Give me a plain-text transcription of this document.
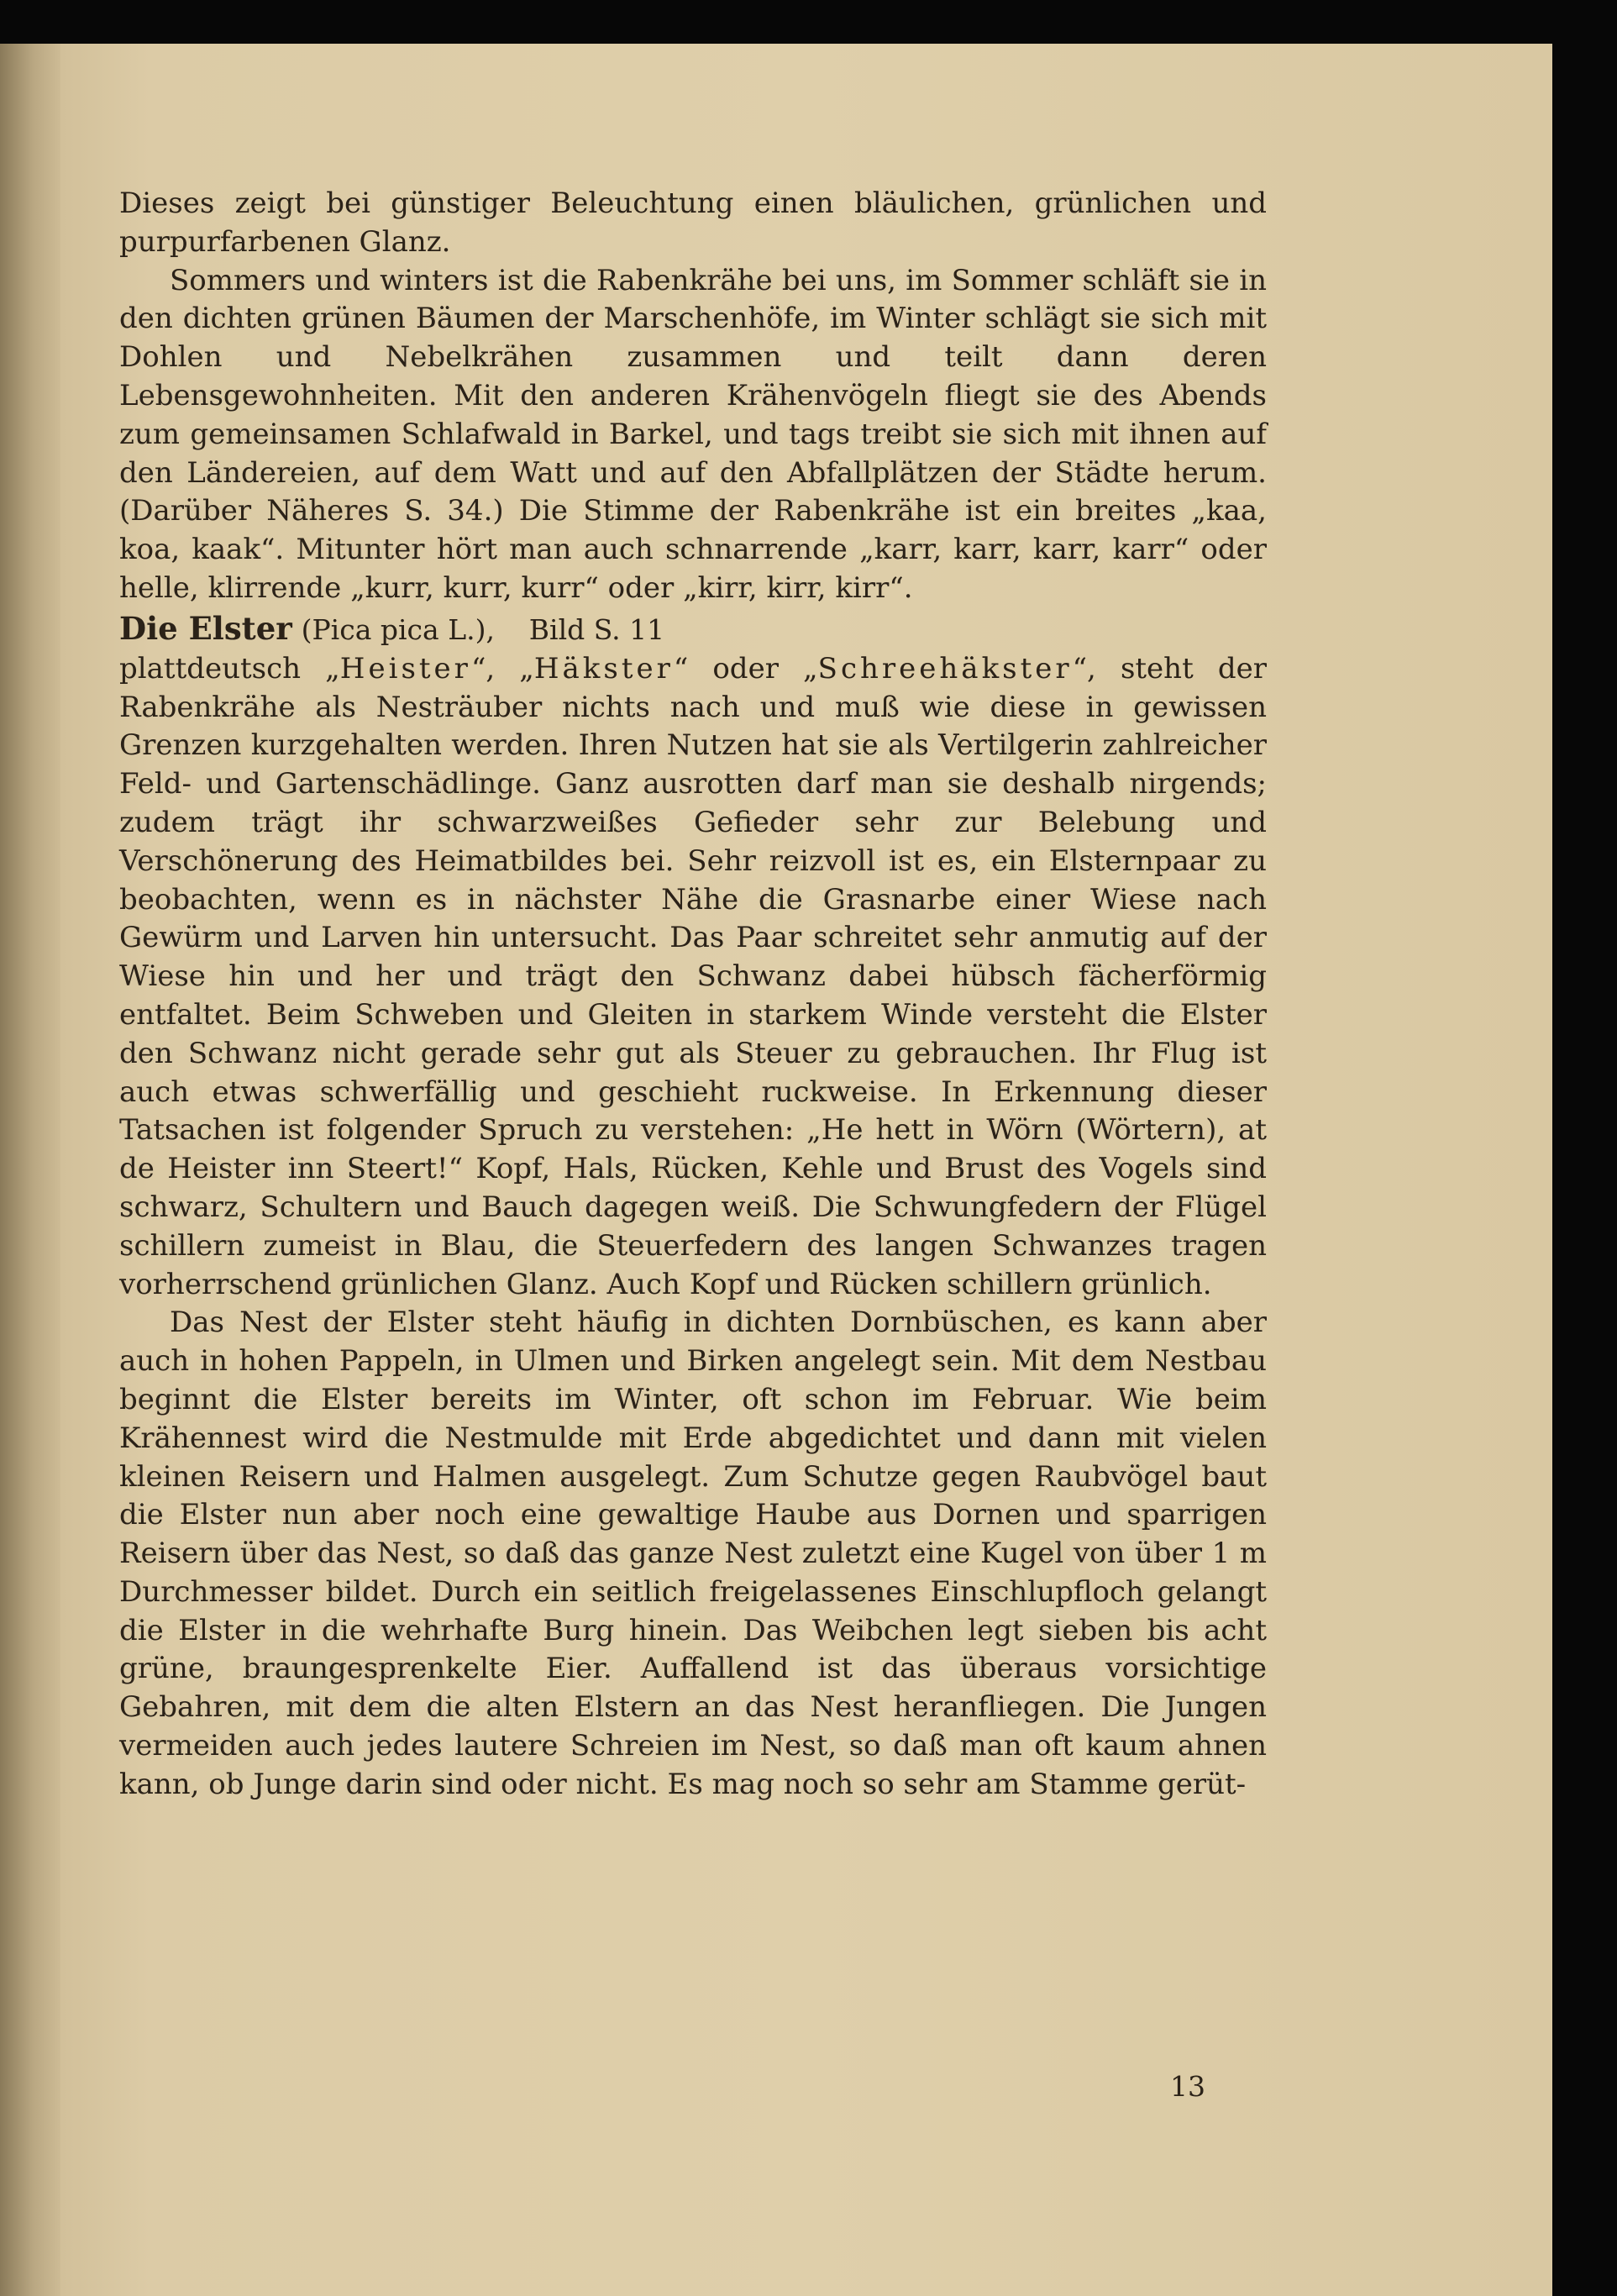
Dieses zeigt bei günstiger Beleuchtung einen bläulichen, grünlichen und purpurfarbenen Glanz.

Sommers und winters ist die Rabenkrähe bei uns, im Sommer schläft sie in den dichten grünen Bäumen der Marschenhöfe, im Winter schlägt sie sich mit Dohlen und Nebelkrähen zusammen und teilt dann deren Lebensgewohnheiten. Mit den anderen Krähenvögeln fliegt sie des Abends zum gemeinsamen Schlafwald in Barkel, und tags treibt sie sich mit ihnen auf den Ländereien, auf dem Watt und auf den Abfallplätzen der Städte herum. (Darüber Näheres S. 34.) Die Stimme der Rabenkrähe ist ein breites „kaa, koa, kaak“. Mitunter hört man auch schnarrende „karr, karr, karr, karr“ oder helle, klirrende „kurr, kurr, kurr“ oder „kirr, kirr, kirr“.

Die Elster (Pica pica L.), Bild S. 11

plattdeutsch „Heister“, „Häkster“ oder „Schreehäkster“, steht der Rabenkrähe als Nesträuber nichts nach und muß wie diese in gewissen Grenzen kurzgehalten werden. Ihren Nutzen hat sie als Vertilgerin zahlreicher Feld- und Gartenschädlinge. Ganz ausrotten darf man sie deshalb nirgends; zudem trägt ihr schwarzweißes Gefieder sehr zur Belebung und Verschönerung des Heimatbildes bei. Sehr reizvoll ist es, ein Elsternpaar zu beobachten, wenn es in nächster Nähe die Grasnarbe einer Wiese nach Gewürm und Larven hin untersucht. Das Paar schreitet sehr anmutig auf der Wiese hin und her und trägt den Schwanz dabei hübsch fächerförmig entfaltet. Beim Schweben und Gleiten in starkem Winde versteht die Elster den Schwanz nicht gerade sehr gut als Steuer zu gebrauchen. Ihr Flug ist auch etwas schwerfällig und geschieht ruckweise. In Erkennung dieser Tatsachen ist folgender Spruch zu verstehen: „He hett in Wörn (Wörtern), at de Heister inn Steert!“ Kopf, Hals, Rücken, Kehle und Brust des Vogels sind schwarz, Schultern und Bauch dagegen weiß. Die Schwungfedern der Flügel schillern zumeist in Blau, die Steuerfedern des langen Schwanzes tragen vorherrschend grünlichen Glanz. Auch Kopf und Rücken schillern grünlich.

Das Nest der Elster steht häufig in dichten Dornbüschen, es kann aber auch in hohen Pappeln, in Ulmen und Birken angelegt sein. Mit dem Nestbau beginnt die Elster bereits im Winter, oft schon im Februar. Wie beim Krähennest wird die Nestmulde mit Erde abgedichtet und dann mit vielen kleinen Reisern und Halmen ausgelegt. Zum Schutze gegen Raubvögel baut die Elster nun aber noch eine gewaltige Haube aus Dornen und sparrigen Reisern über das Nest, so daß das ganze Nest zuletzt eine Kugel von über 1 m Durchmesser bildet. Durch ein seitlich freigelassenes Einschlupfloch gelangt die Elster in die wehrhafte Burg hinein. Das Weibchen legt sieben bis acht grüne, braungesprenkelte Eier. Auffallend ist das überaus vorsichtige Gebahren, mit dem die alten Elstern an das Nest heranfliegen. Die Jungen vermeiden auch jedes lautere Schreien im Nest, so daß man oft kaum ahnen kann, ob Junge darin sind oder nicht. Es mag noch so sehr am Stamme gerüt-

13
